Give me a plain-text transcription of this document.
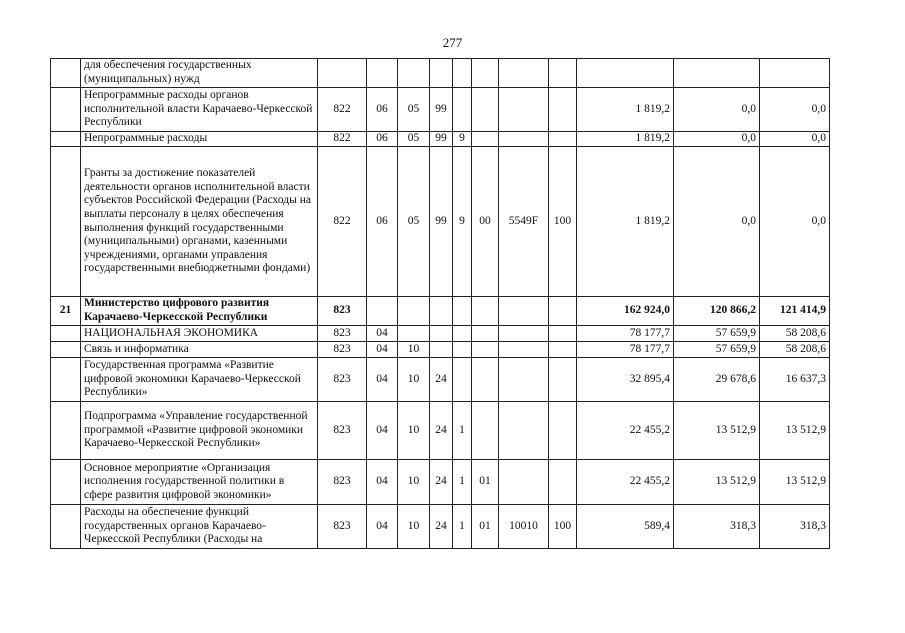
277
	для обеспечения государственных (муниципальных) нужд											
	Непрограммные расходы органов исполнительной власти Карачаево-Черкесской Республики	822	06	05	99					1 819,2	0,0	0,0
	Непрограммные расходы	822	06	05	99	9				1 819,2	0,0	0,0
	Гранты за достижение показателей деятельности органов исполнительной власти субъектов Российской Федерации (Расходы на выплаты персоналу в целях обеспечения выполнения функций государственными (муниципальными) органами, казенными учреждениями, органами управления государственными внебюджетными фондами)	822	06	05	99	9	00	5549F	100	1 819,2	0,0	0,0
21	Министерство цифрового развития Карачаево-Черкесской Республики	823								162 924,0	120 866,2	121 414,9
	НАЦИОНАЛЬНАЯ ЭКОНОМИКА	823	04							78 177,7	57 659,9	58 208,6
	Связь и информатика	823	04	10						78 177,7	57 659,9	58 208,6
	Государственная программа «Развитие цифровой экономики Карачаево-Черкесской Республики»	823	04	10	24					32 895,4	29 678,6	16 637,3
	Подпрограмма «Управление государственной программой «Развитие цифровой экономики Карачаево-Черкесской Республики»	823	04	10	24	1				22 455,2	13 512,9	13 512,9
	Основное мероприятие «Организация исполнения государственной политики в сфере развития цифровой экономики»	823	04	10	24	1	01			22 455,2	13 512,9	13 512,9
	Расходы на обеспечение функций государственных органов Карачаево-Черкесской Республики (Расходы на	823	04	10	24	1	01	10010	100	589,4	318,3	318,3
